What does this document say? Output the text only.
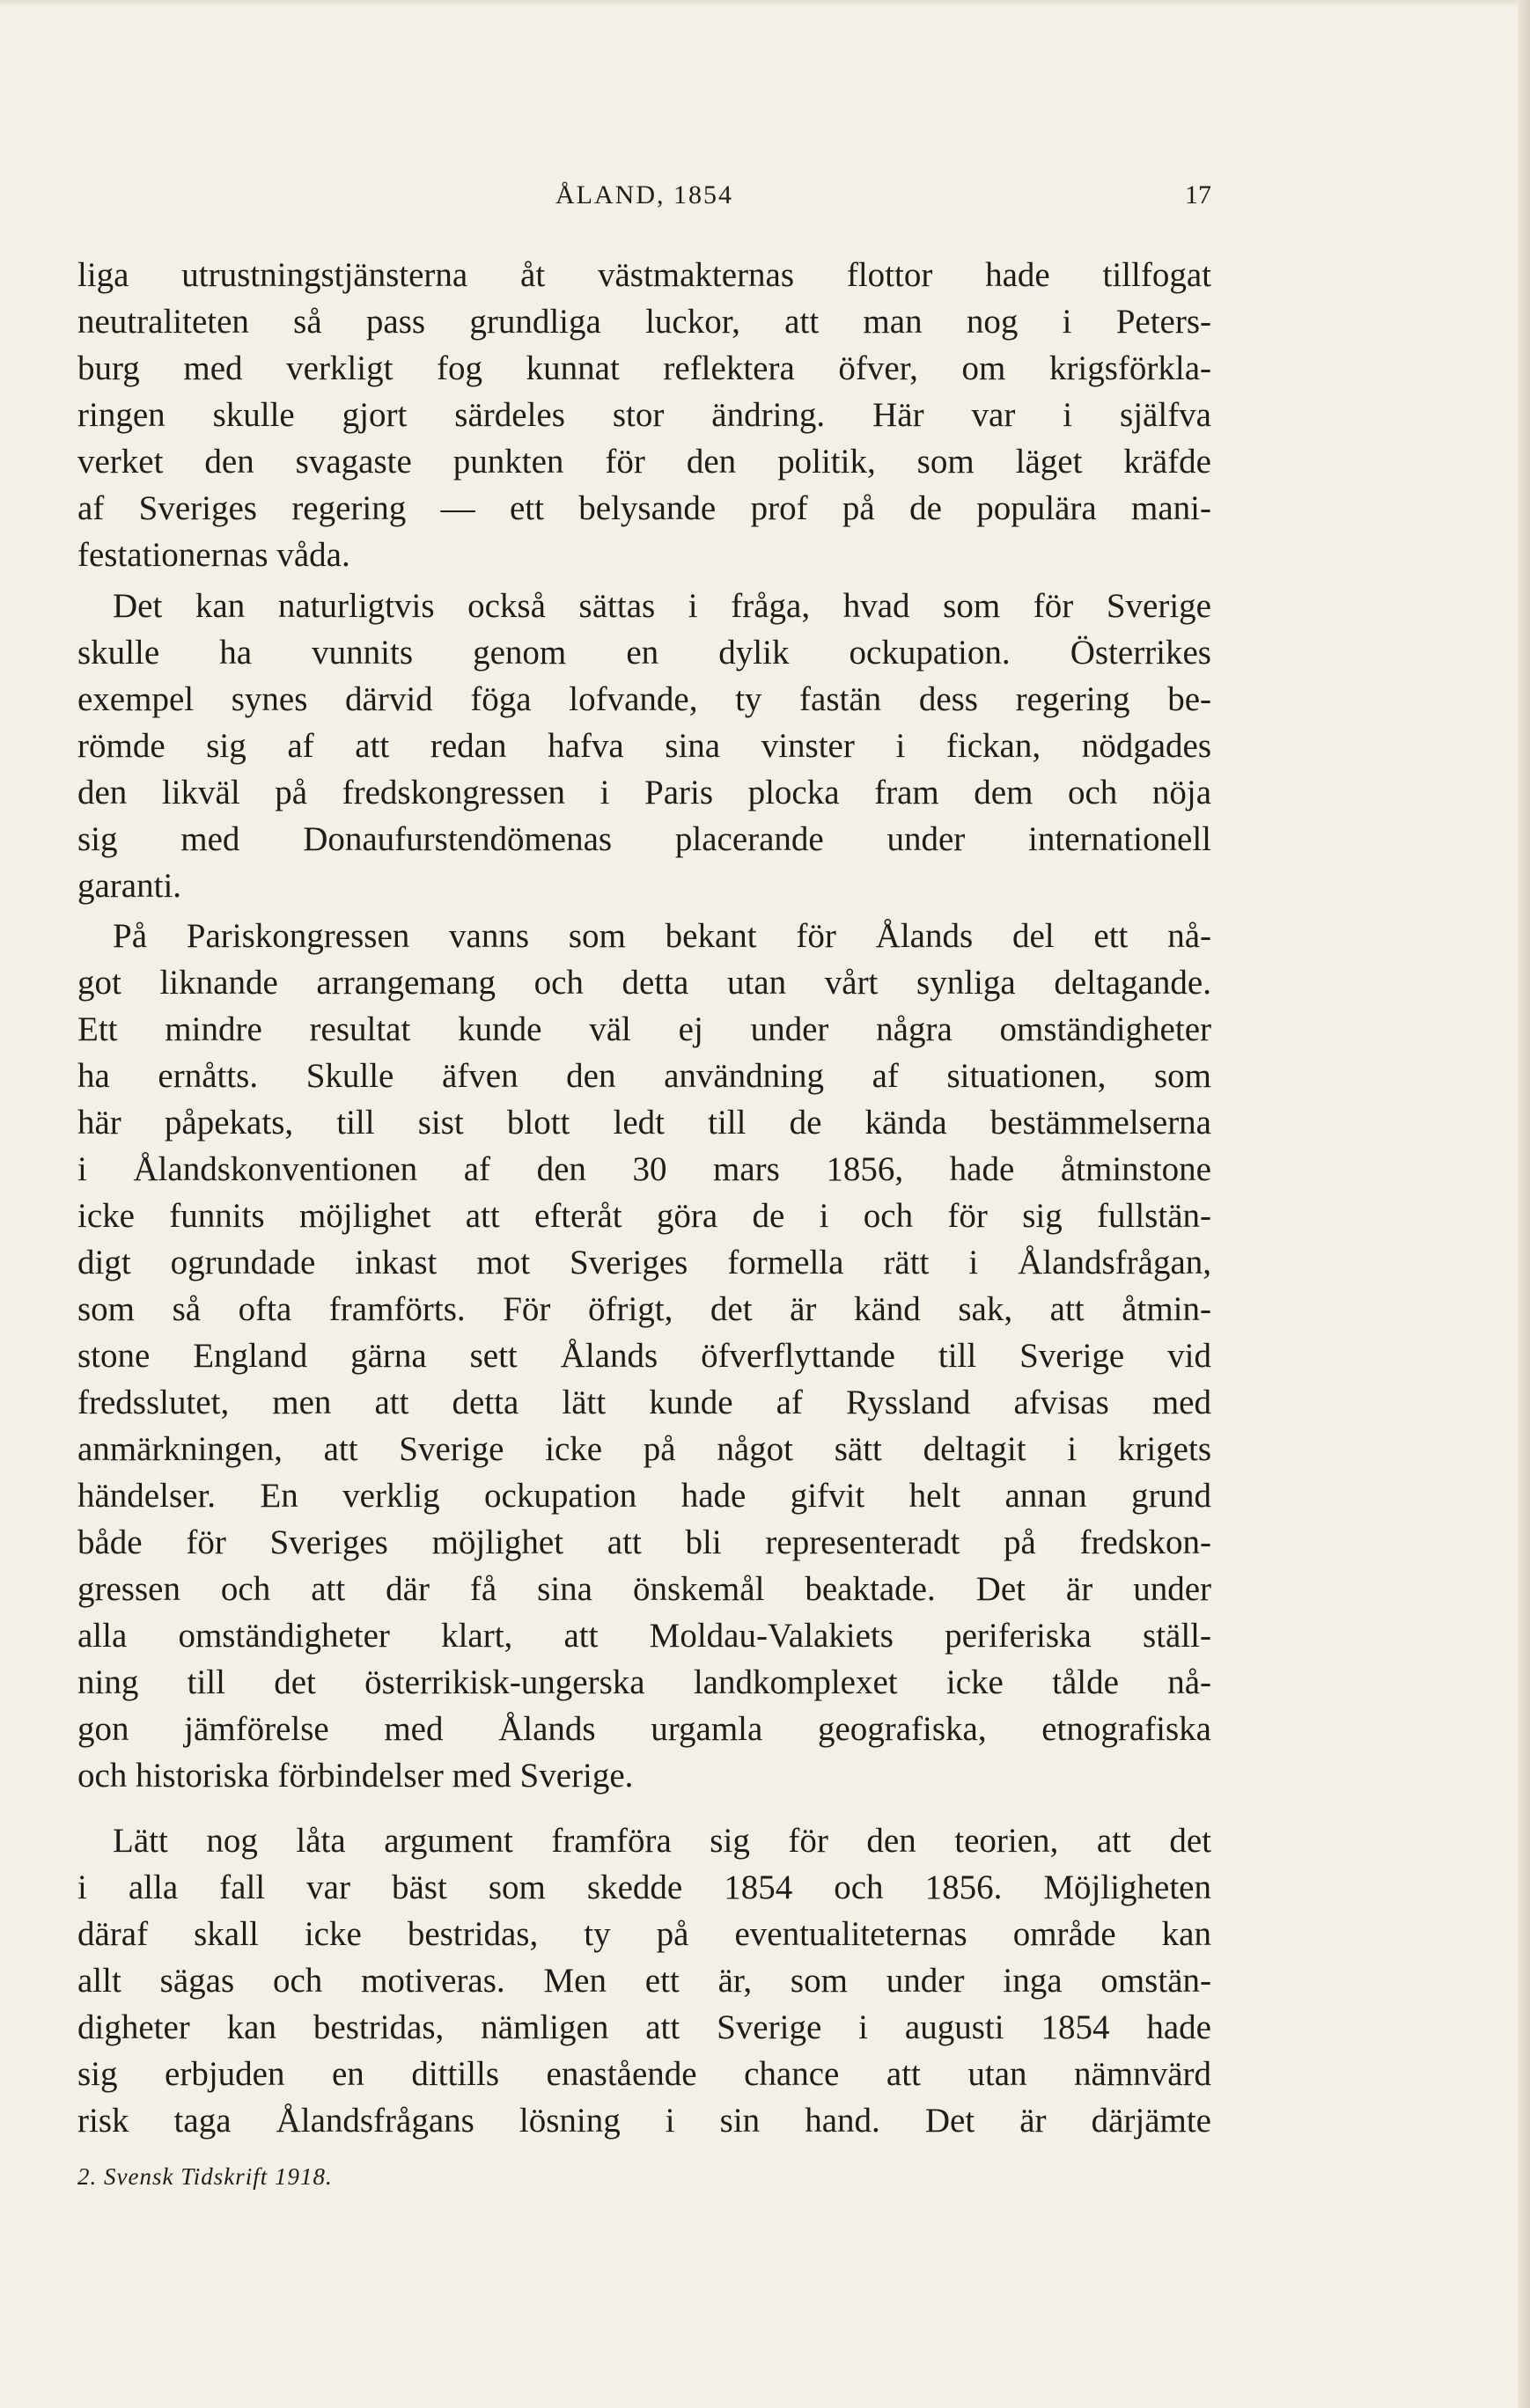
ÅLAND, 1854	17
liga utrustningstjänsterna åt västmakternas flottor hade tillfogat
neutraliteten så pass grundliga luckor, att man nog i Peters-
burg med verkligt fog kunnat reflektera öfver, om krigsförkla-
ringen skulle gjort särdeles stor ändring. Här var i själfva
verket den svagaste punkten för den politik, som läget kräfde
af Sveriges regering — ett belysande prof på de populära mani-
festationernas våda.
Det kan naturligtvis också sättas i fråga, hvad som för Sverige
skulle ha vunnits genom en dylik ockupation. Österrikes
exempel synes därvid föga lofvande, ty fastän dess regering be-
römde sig af att redan hafva sina vinster i fickan, nödgades
den likväl på fredskongressen i Paris plocka fram dem och nöja
sig med Donaufurstendömenas placerande under internationell
garanti.
På Pariskongressen vanns som bekant för Ålands del ett nå-
got liknande arrangemang och detta utan vårt synliga deltagande.
Ett mindre resultat kunde väl ej under några omständigheter
ha ernåtts. Skulle äfven den användning af situationen, som
här påpekats, till sist blott ledt till de kända bestämmelserna
i Ålandskonventionen af den 30 mars 1856, hade åtminstone
icke funnits möjlighet att efteråt göra de i och för sig fullstän-
digt ogrundade inkast mot Sveriges formella rätt i Ålandsfrågan,
som så ofta framförts. För öfrigt, det är känd sak, att åtmin-
stone England gärna sett Ålands öfverflyttande till Sverige vid
fredsslutet, men att detta lätt kunde af Ryssland afvisas med
anmärkningen, att Sverige icke på något sätt deltagit i krigets
händelser. En verklig ockupation hade gifvit helt annan grund
både för Sveriges möjlighet att bli representeradt på fredskon-
gressen och att där få sina önskemål beaktade. Det är under
alla omständigheter klart, att Moldau-Valakiets periferiska ställ-
ning till det österrikisk-ungerska landkomplexet icke tålde nå-
gon jämförelse med Ålands urgamla geografiska, etnografiska
och historiska förbindelser med Sverige.
Lätt nog låta argument framföra sig för den teorien, att det
i alla fall var bäst som skedde 1854 och 1856. Möjligheten
däraf skall icke bestridas, ty på eventualiteternas område kan
allt sägas och motiveras. Men ett är, som under inga omstän-
digheter kan bestridas, nämligen att Sverige i augusti 1854 hade
sig erbjuden en dittills enastående chance att utan nämnvärd
risk taga Ålandsfrågans lösning i sin hand. Det är därjämte
2. Svensk Tidskrift 1918.
